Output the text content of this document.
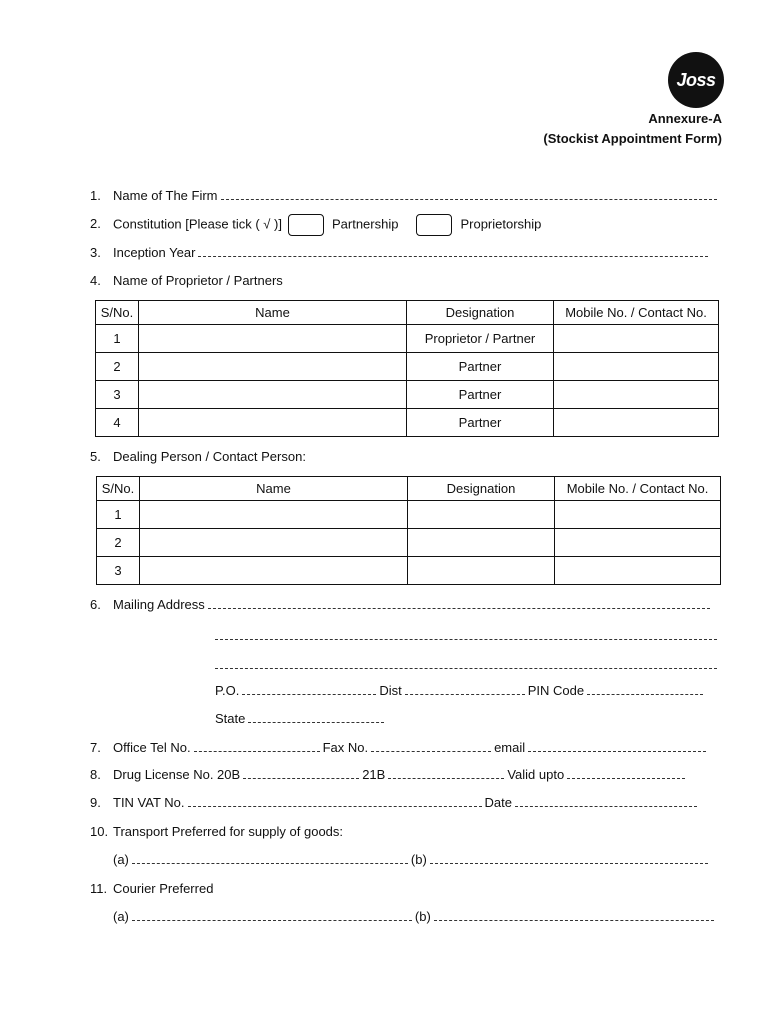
Joss
Annexure-A
(Stockist Appointment Form)
1. Name of The Firm
2. Constitution [Please tick ( √ )]	Partnership	Proprietorship
3. Inception Year
4. Name of Proprietor / Partners
S/No.	Name	Designation	Mobile No. / Contact No.
1		Proprietor / Partner	
2		Partner	
3		Partner	
4		Partner	
5. Dealing Person / Contact Person:
S/No.	Name	Designation	Mobile No. / Contact No.
1			
2			
3			
6. Mailing Address
P.O.	Dist	PIN Code
State
7. Office Tel No.	Fax No.	email
8. Drug License No. 20B	21B	Valid upto
9. TIN VAT No.	Date
10. Transport Preferred for supply of goods:
(a)	(b)
11. Courier Preferred
(a)	(b)
